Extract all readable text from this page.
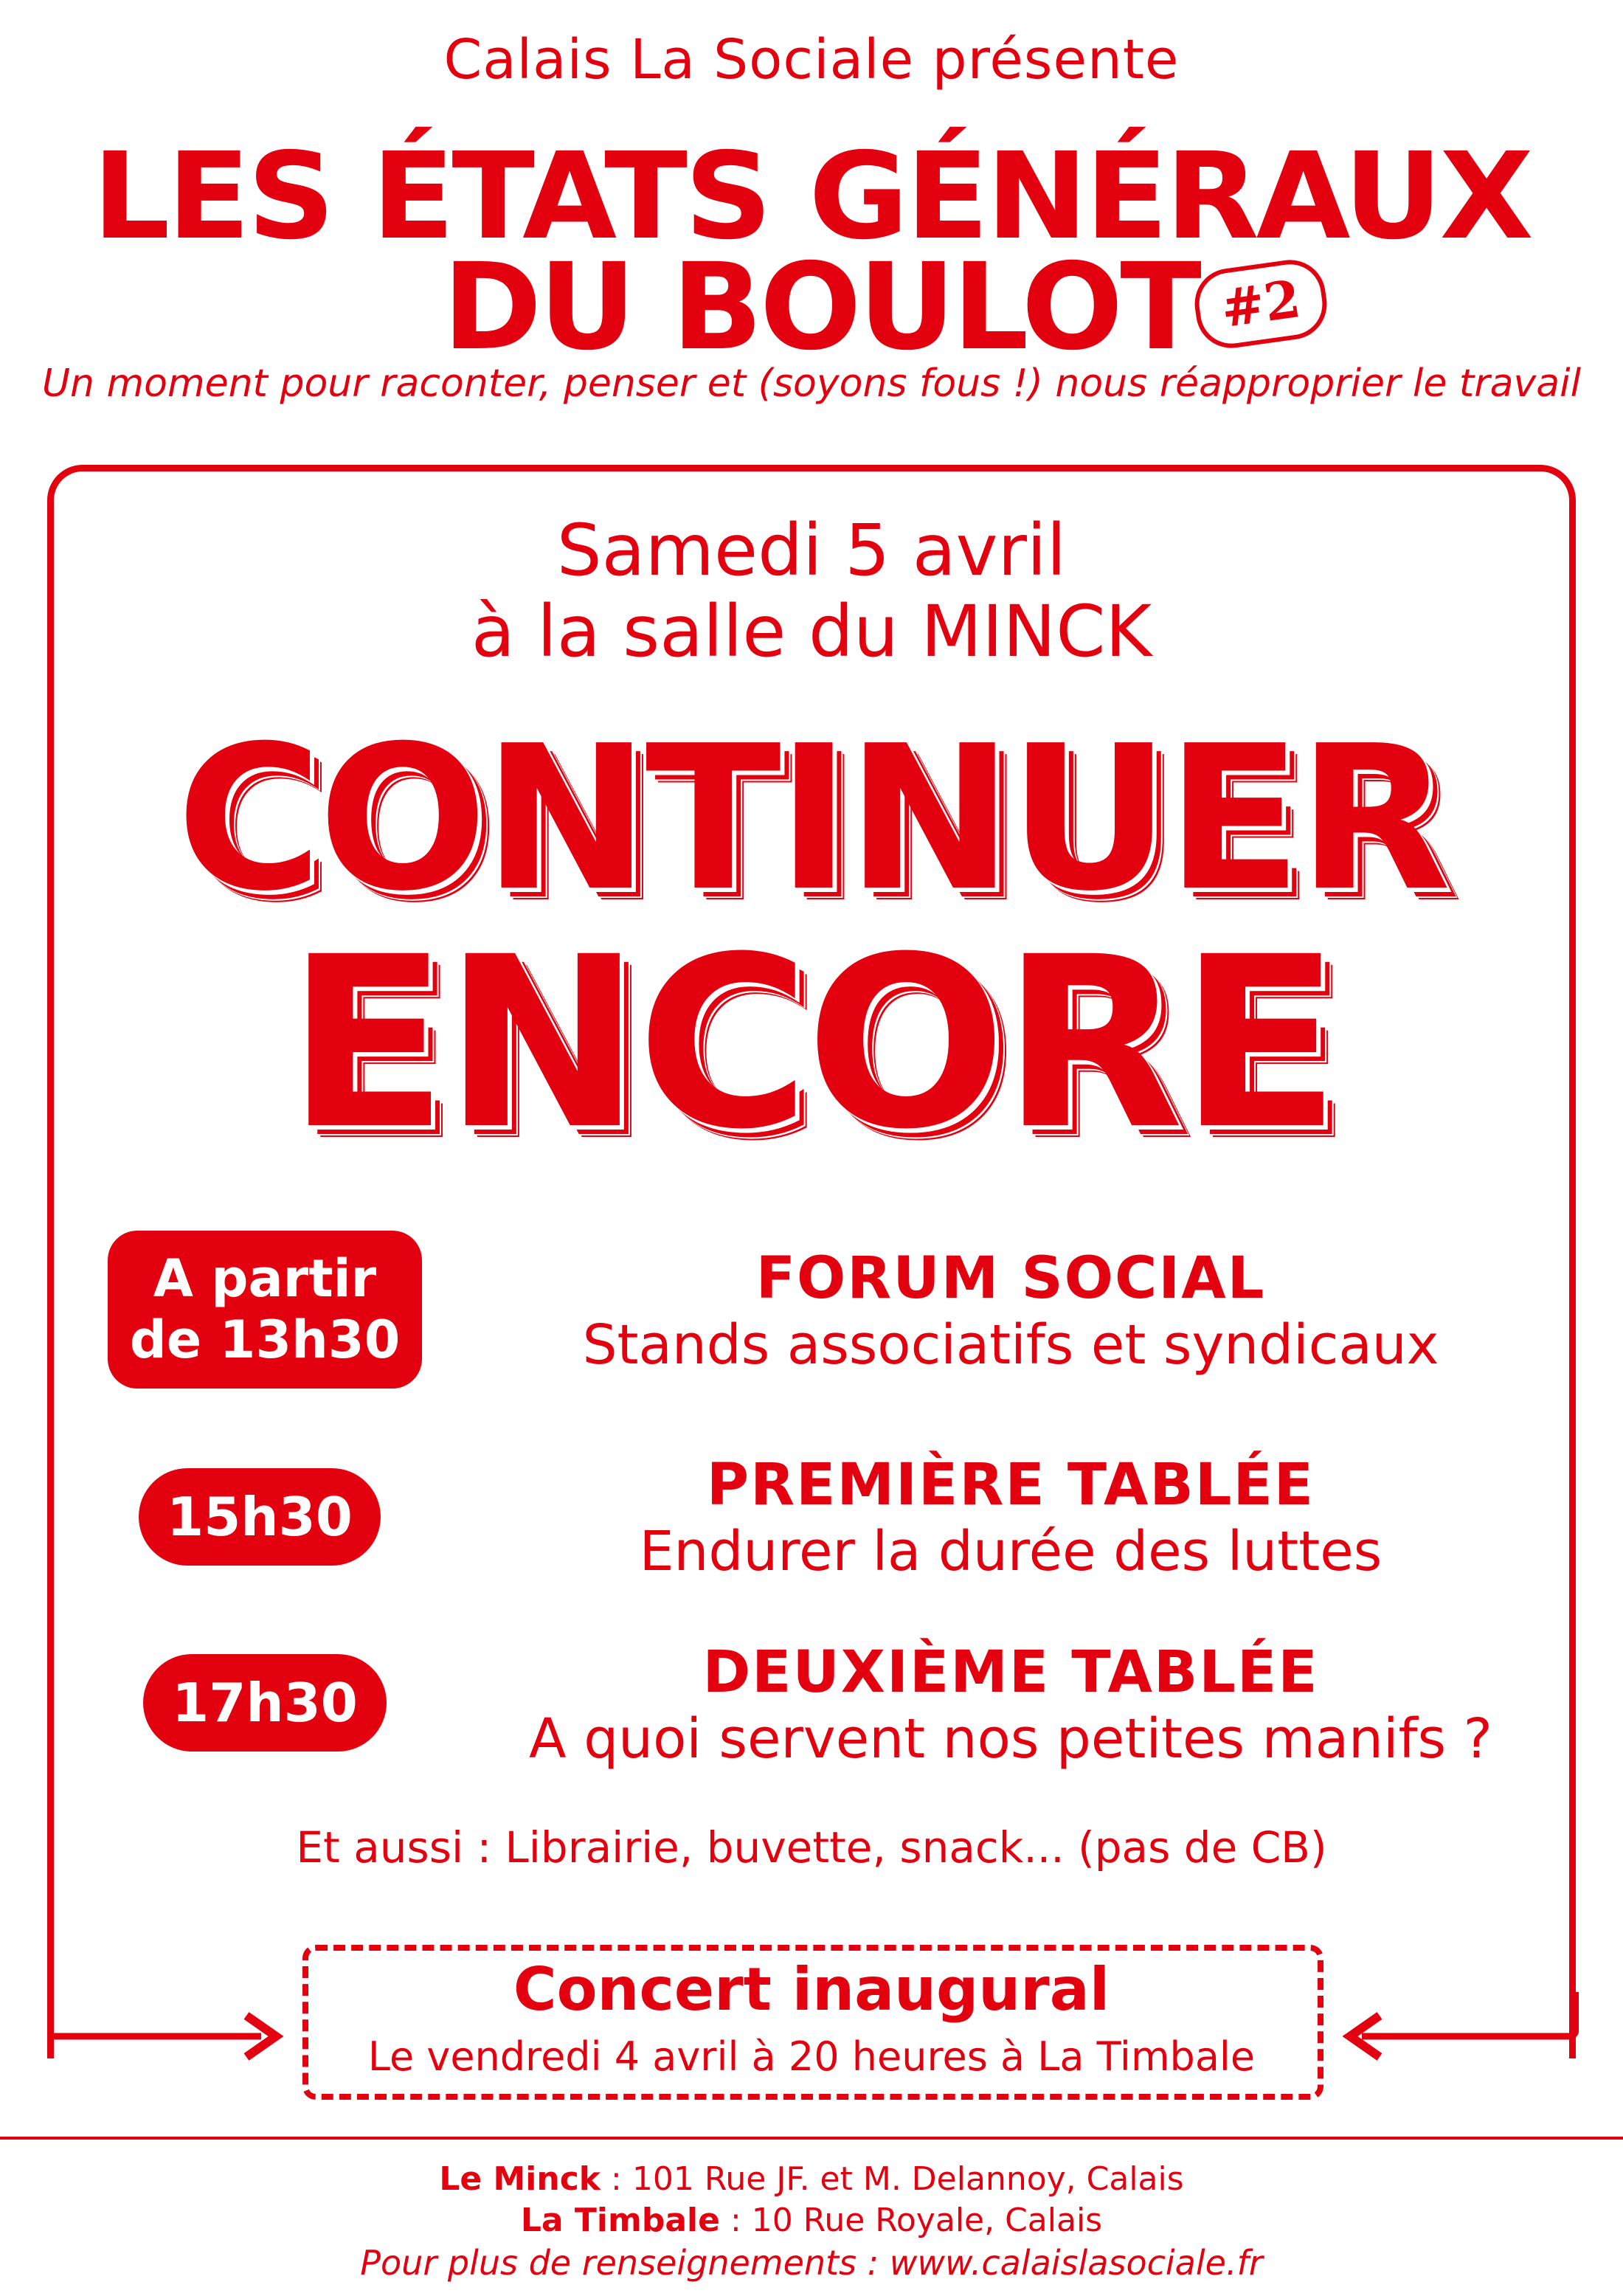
Calais La Sociale présente
LES ÉTATS GÉNÉRAUX
DU BOULOT #2
Un moment pour raconter, penser et (soyons fous !) nous réapproprier le travail
Samedi 5 avril
à la salle du MINCK
CONTINUER
ENCORE
A partir
de 13h30
FORUM SOCIAL
Stands associatifs et syndicaux
15h30	PREMIÈRE TABLÉE
Endurer la durée des luttes
17h30	DEUXIÈME TABLÉE
A quoi servent nos petites manifs ?
Et aussi : Librairie, buvette, snack... (pas de CB)
Concert inaugural
Le vendredi 4 avril à 20 heures à La Timbale
Le Minck : 101 Rue JF. et M. Delannoy, Calais
La Timbale : 10 Rue Royale, Calais
Pour plus de renseignements : www.calaislasociale.fr
